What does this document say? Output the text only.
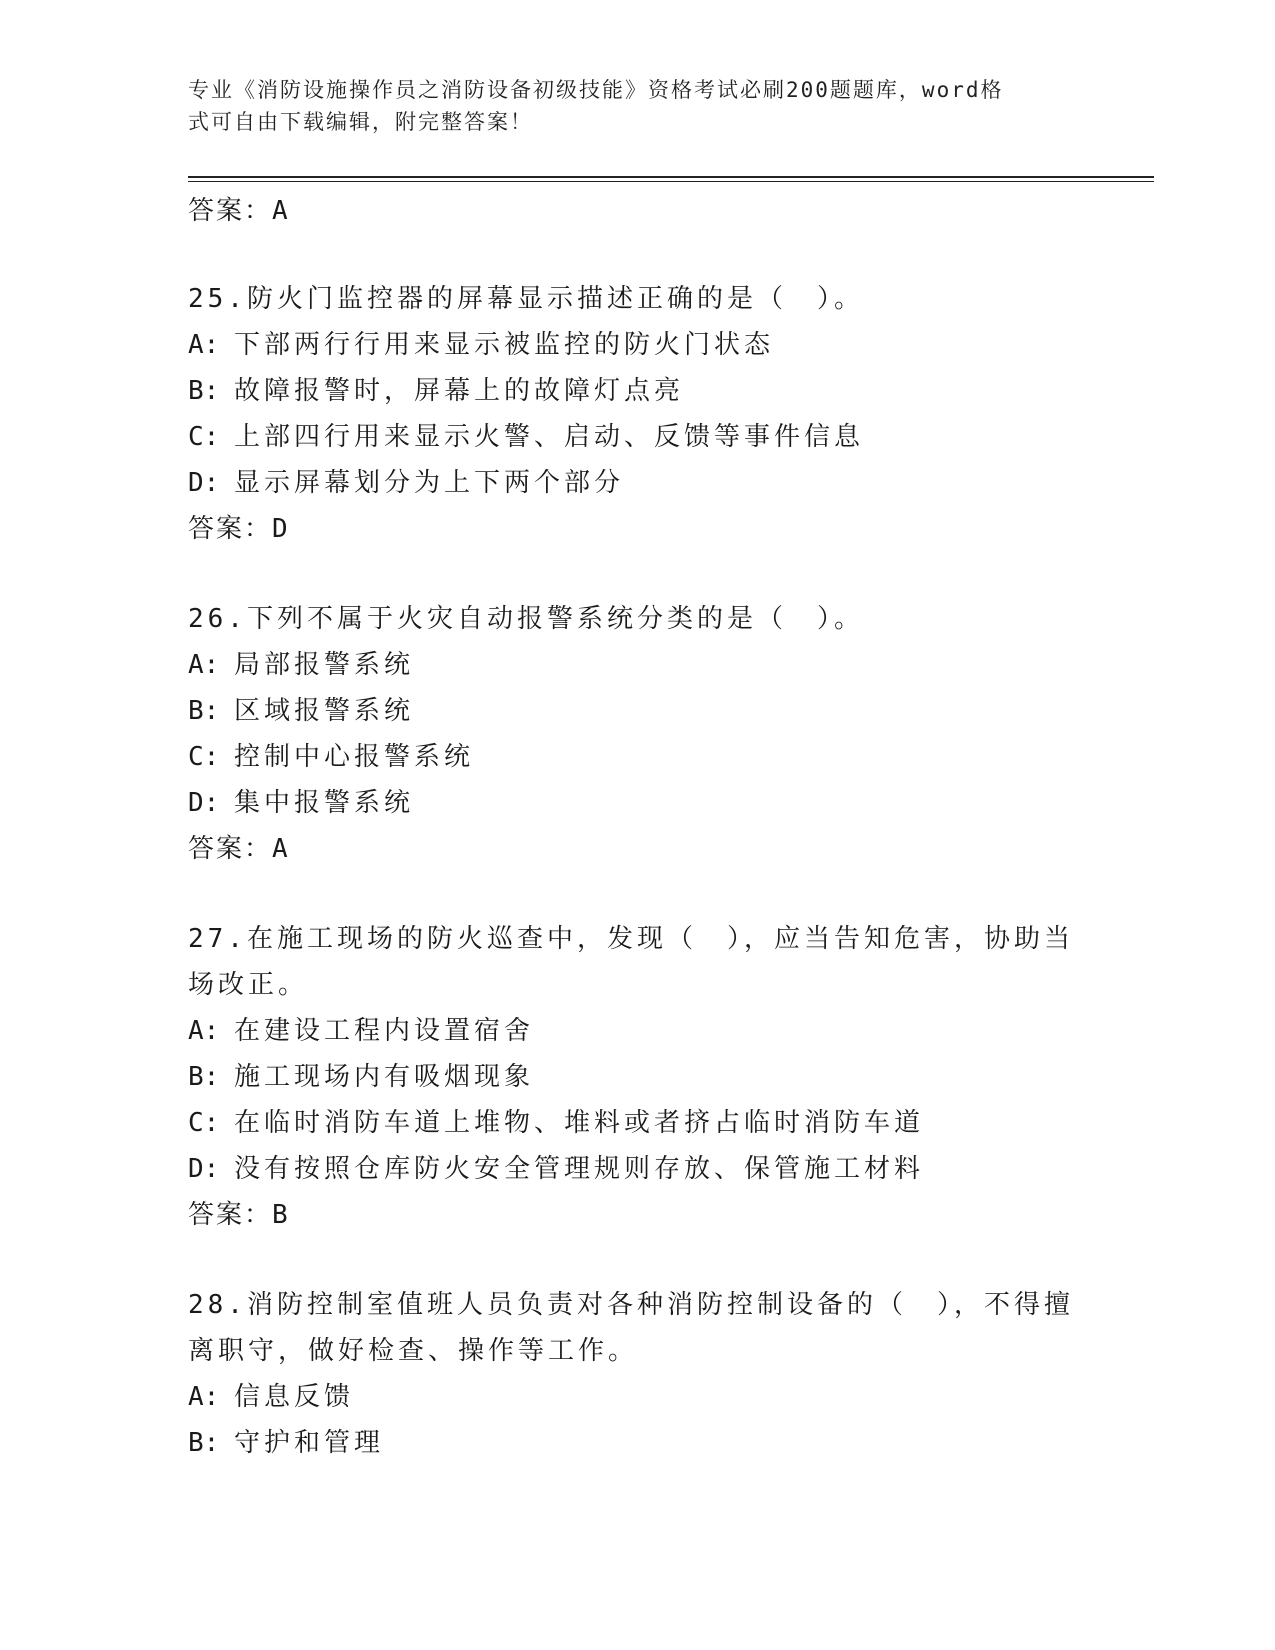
专业《消防设施操作员之消防设备初级技能》资格考试必刷200题题库，word格
式可自由下载编辑，附完整答案！

答案：A

25.防火门监控器的屏幕显示描述正确的是（　）。

A: 下部两行行用来显示被监控的防火门状态

B: 故障报警时，屏幕上的故障灯点亮

C: 上部四行用来显示火警、启动、反馈等事件信息

D: 显示屏幕划分为上下两个部分

答案：D

26.下列不属于火灾自动报警系统分类的是（　）。

A: 局部报警系统

B: 区域报警系统

C: 控制中心报警系统

D: 集中报警系统

答案：A

27.在施工现场的防火巡查中，发现（　），应当告知危害，协助当场改正。

A: 在建设工程内设置宿舍

B: 施工现场内有吸烟现象

C: 在临时消防车道上堆物、堆料或者挤占临时消防车道

D: 没有按照仓库防火安全管理规则存放、保管施工材料

答案：B

28.消防控制室值班人员负责对各种消防控制设备的（　），不得擅离职守，做好检查、操作等工作。

A: 信息反馈

B: 守护和管理
